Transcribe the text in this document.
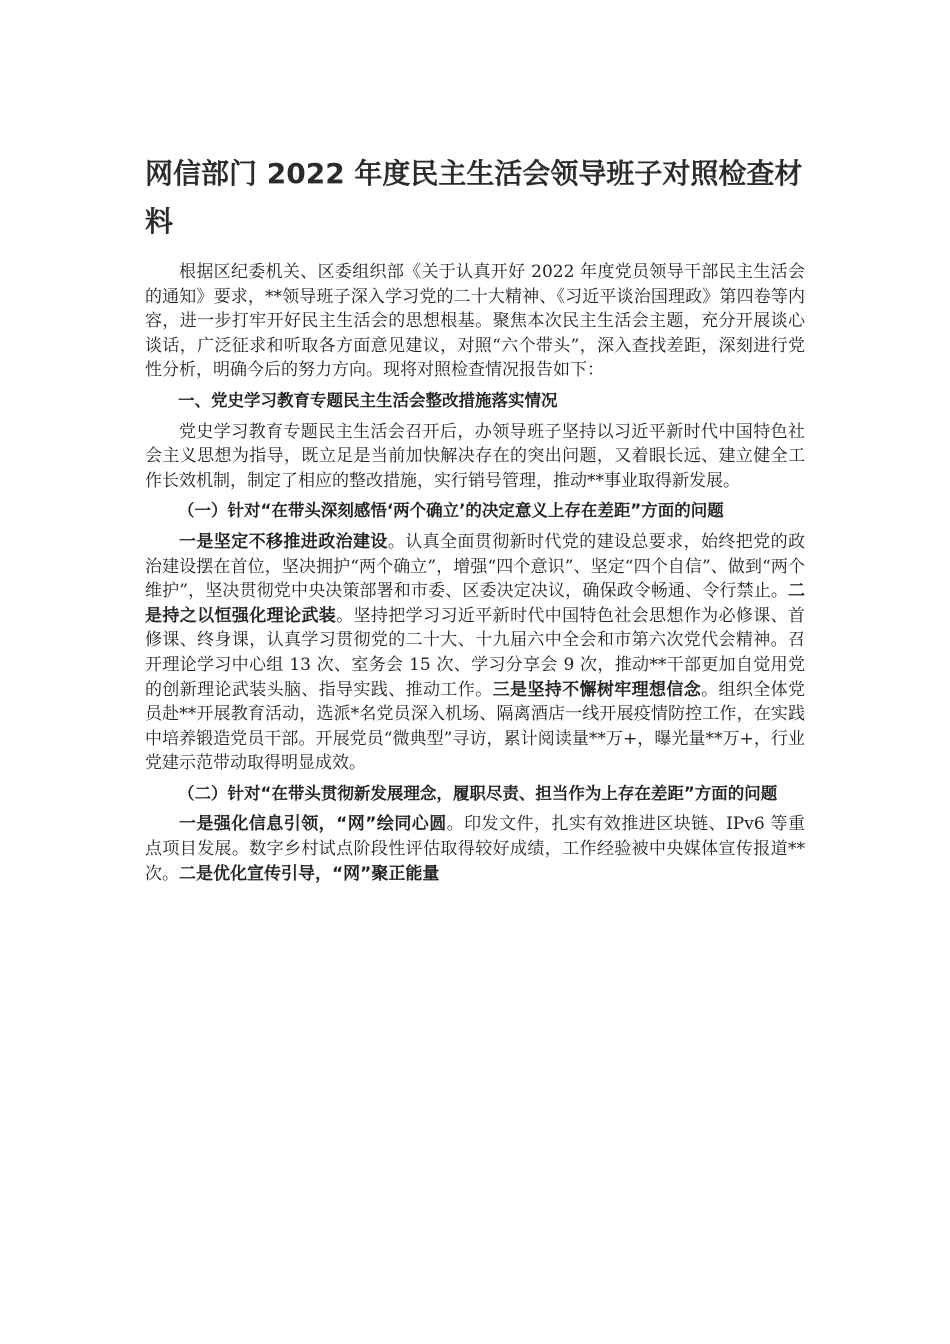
网信部门 2022 年度民主生活会领导班子对照检查材料

根据区纪委机关、区委组织部《关于认真开好 2022 年度党员领导干部民主生活会的通知》要求，**领导班子深入学习党的二十大精神、《习近平谈治国理政》第四卷等内容，进一步打牢开好民主生活会的思想根基。聚焦本次民主生活会主题，充分开展谈心谈话，广泛征求和听取各方面意见建议，对照“六个带头”，深入查找差距，深刻进行党性分析，明确今后的努力方向。现将对照检查情况报告如下：

一、党史学习教育专题民主生活会整改措施落实情况

党史学习教育专题民主生活会召开后，办领导班子坚持以习近平新时代中国特色社会主义思想为指导，既立足是当前加快解决存在的突出问题，又着眼长远、建立健全工作长效机制，制定了相应的整改措施，实行销号管理，推动**事业取得新发展。

（一）针对“在带头深刻感悟‘两个确立’的决定意义上存在差距”方面的问题

一是坚定不移推进政治建设。认真全面贯彻新时代党的建设总要求，始终把党的政治建设摆在首位，坚决拥护“两个确立”，增强“四个意识”、坚定“四个自信”、做到“两个维护”，坚决贯彻党中央决策部署和市委、区委决定决议，确保政令畅通、令行禁止。二是持之以恒强化理论武装。坚持把学习习近平新时代中国特色社会思想作为必修课、首修课、终身课，认真学习贯彻党的二十大、十九届六中全会和市第六次党代会精神。召开理论学习中心组 13 次、室务会 15 次、学习分享会 9 次，推动**干部更加自觉用党的创新理论武装头脑、指导实践、推动工作。三是坚持不懈树牢理想信念。组织全体党员赴**开展教育活动，选派*名党员深入机场、隔离酒店一线开展疫情防控工作，在实践中培养锻造党员干部。开展党员“微典型”寻访，累计阅读量**万+，曝光量**万+，行业党建示范带动取得明显成效。

（二）针对“在带头贯彻新发展理念，履职尽责、担当作为上存在差距”方面的问题

一是强化信息引领，“网”绘同心圆。印发文件，扎实有效推进区块链、IPv6 等重点项目发展。数字乡村试点阶段性评估取得较好成绩，工作经验被中央媒体宣传报道**次。二是优化宣传引导，“网”聚正能量
